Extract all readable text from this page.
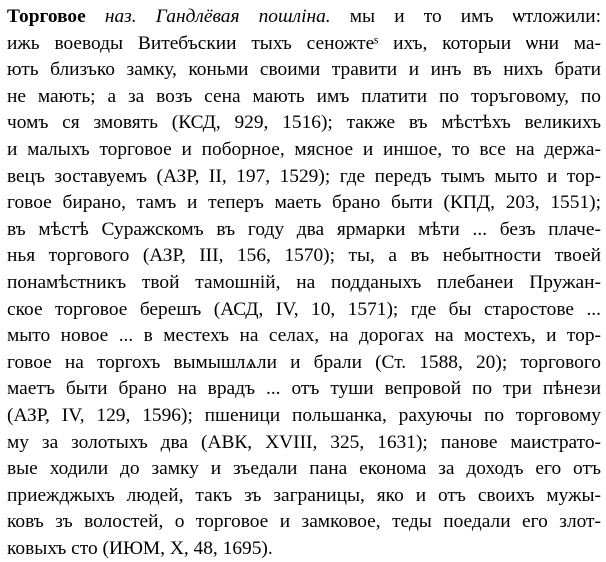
Торговое наз. Гандлёвая пошліна. мы и то имъ ѡтложили:
ижь воеводы Витебъскии тыхъ сеножтеˢ ихъ, которыи ѡни ма-
ють близъко замку, коньми своими травити и инъ въ нихъ брати
не мають; а за возъ сена мають имъ платити по торъговому, по
чомъ ся змовять (КСД, 929, 1516); также въ мѣстѣхъ великихъ
и малыхъ торговое и поборное, мясное и иншое, то все на держа-
вецъ зоставуемъ (АЗР, II, 197, 1529); где передъ тымъ мыто и тор-
говое бирано, тамъ и теперъ маеть брано быти (КПД, 203, 1551);
въ мѣстѣ Суражскомъ въ году два ярмарки мѣти ... безъ плаче-
нья торгового (АЗР, III, 156, 1570); ты, а въ небытности твоей
понамѣстникъ твой тамошній, на подданыхъ плебанеи Пружан-
ское торговое берешъ (АСД, IV, 10, 1571); где бы старостове ...
мыто новое ... в местехъ на селах, на дорогах на мостехъ, и тор-
говое на торгохъ вымышлѧли и брали (Ст. 1588, 20); торгового
маетъ быти брано на врадъ ... отъ туши вепровой по три пѣнези
(АЗР, IV, 129, 1596); пшеници польшанка, рахуючы по торговому
му за золотыхъ два (АВК, XVIII, 325, 1631); панове маистрато-
вые ходили до замку и зъедали пана економа за доходъ его отъ
приежджыхъ людей, такъ зъ заграницы, яко и отъ своихъ мужы-
ковъ зъ волостей, о торговое и замковое, теды поедали его злот-
ковыхъ сто (ИЮМ, X, 48, 1695).
